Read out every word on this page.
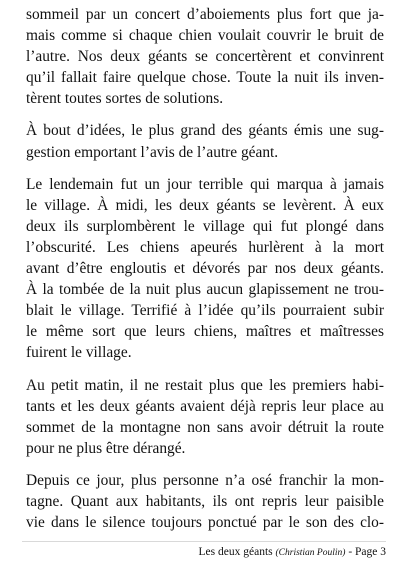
sommeil par un concert d’aboiements plus fort que ja-
mais comme si chaque chien voulait couvrir le bruit de
l’autre. Nos deux géants se concertèrent et convinrent
qu’il fallait faire quelque chose. Toute la nuit ils inven-
tèrent toutes sortes de solutions.
À bout d’idées, le plus grand des géants émis une sug-
gestion emportant l’avis de l’autre géant.
Le lendemain fut un jour terrible qui marqua à jamais
le village. À midi, les deux géants se levèrent. À eux
deux ils surplombèrent le village qui fut plongé dans
l’obscurité. Les chiens apeurés hurlèrent à la mort
avant d’être engloutis et dévorés par nos deux géants.
À la tombée de la nuit plus aucun glapissement ne trou-
blait le village. Terrifié à l’idée qu’ils pourraient subir
le même sort que leurs chiens, maîtres et maîtresses
fuirent le village.
Au petit matin, il ne restait plus que les premiers habi-
tants et les deux géants avaient déjà repris leur place au
sommet de la montagne non sans avoir détruit la route
pour ne plus être dérangé.
Depuis ce jour, plus personne n’a osé franchir la mon-
tagne. Quant aux habitants, ils ont repris leur paisible
vie dans le silence toujours ponctué par le son des clo-
Les deux géants (Christian Poulin) - Page 3
